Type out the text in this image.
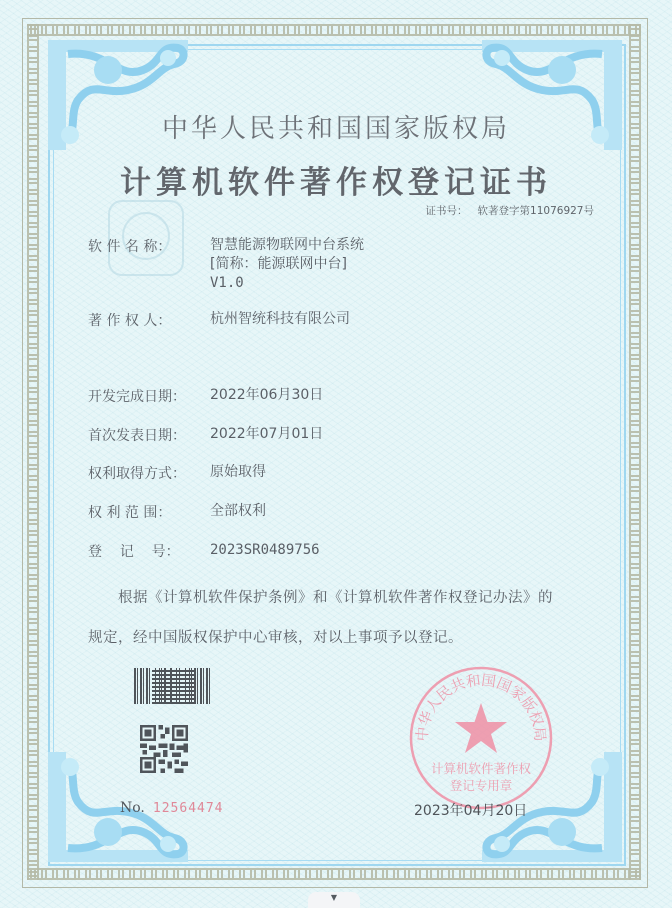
中华人民共和国国家版权局
计算机软件著作权登记证书
证书号： 软著登字第11076927号
软 件 名 称：	智慧能源物联网中台系统
[简称：能源联网中台]
V1.0
著 作 权 人：	杭州智统科技有限公司
开发完成日期： 2022年06月30日
首次发表日期： 2022年07月01日
权利取得方式： 原始取得
权 利 范 围：	全部权利
登    记    号： 2023SR0489756
根据《计算机软件保护条例》和《计算机软件著作权登记办法》的
规定，经中国版权保护中心审核，对以上事项予以登记。
No. 12564474
中华人民共和国国家版权局
计算机软件著作权
登记专用章
2023年04月20日
▼
